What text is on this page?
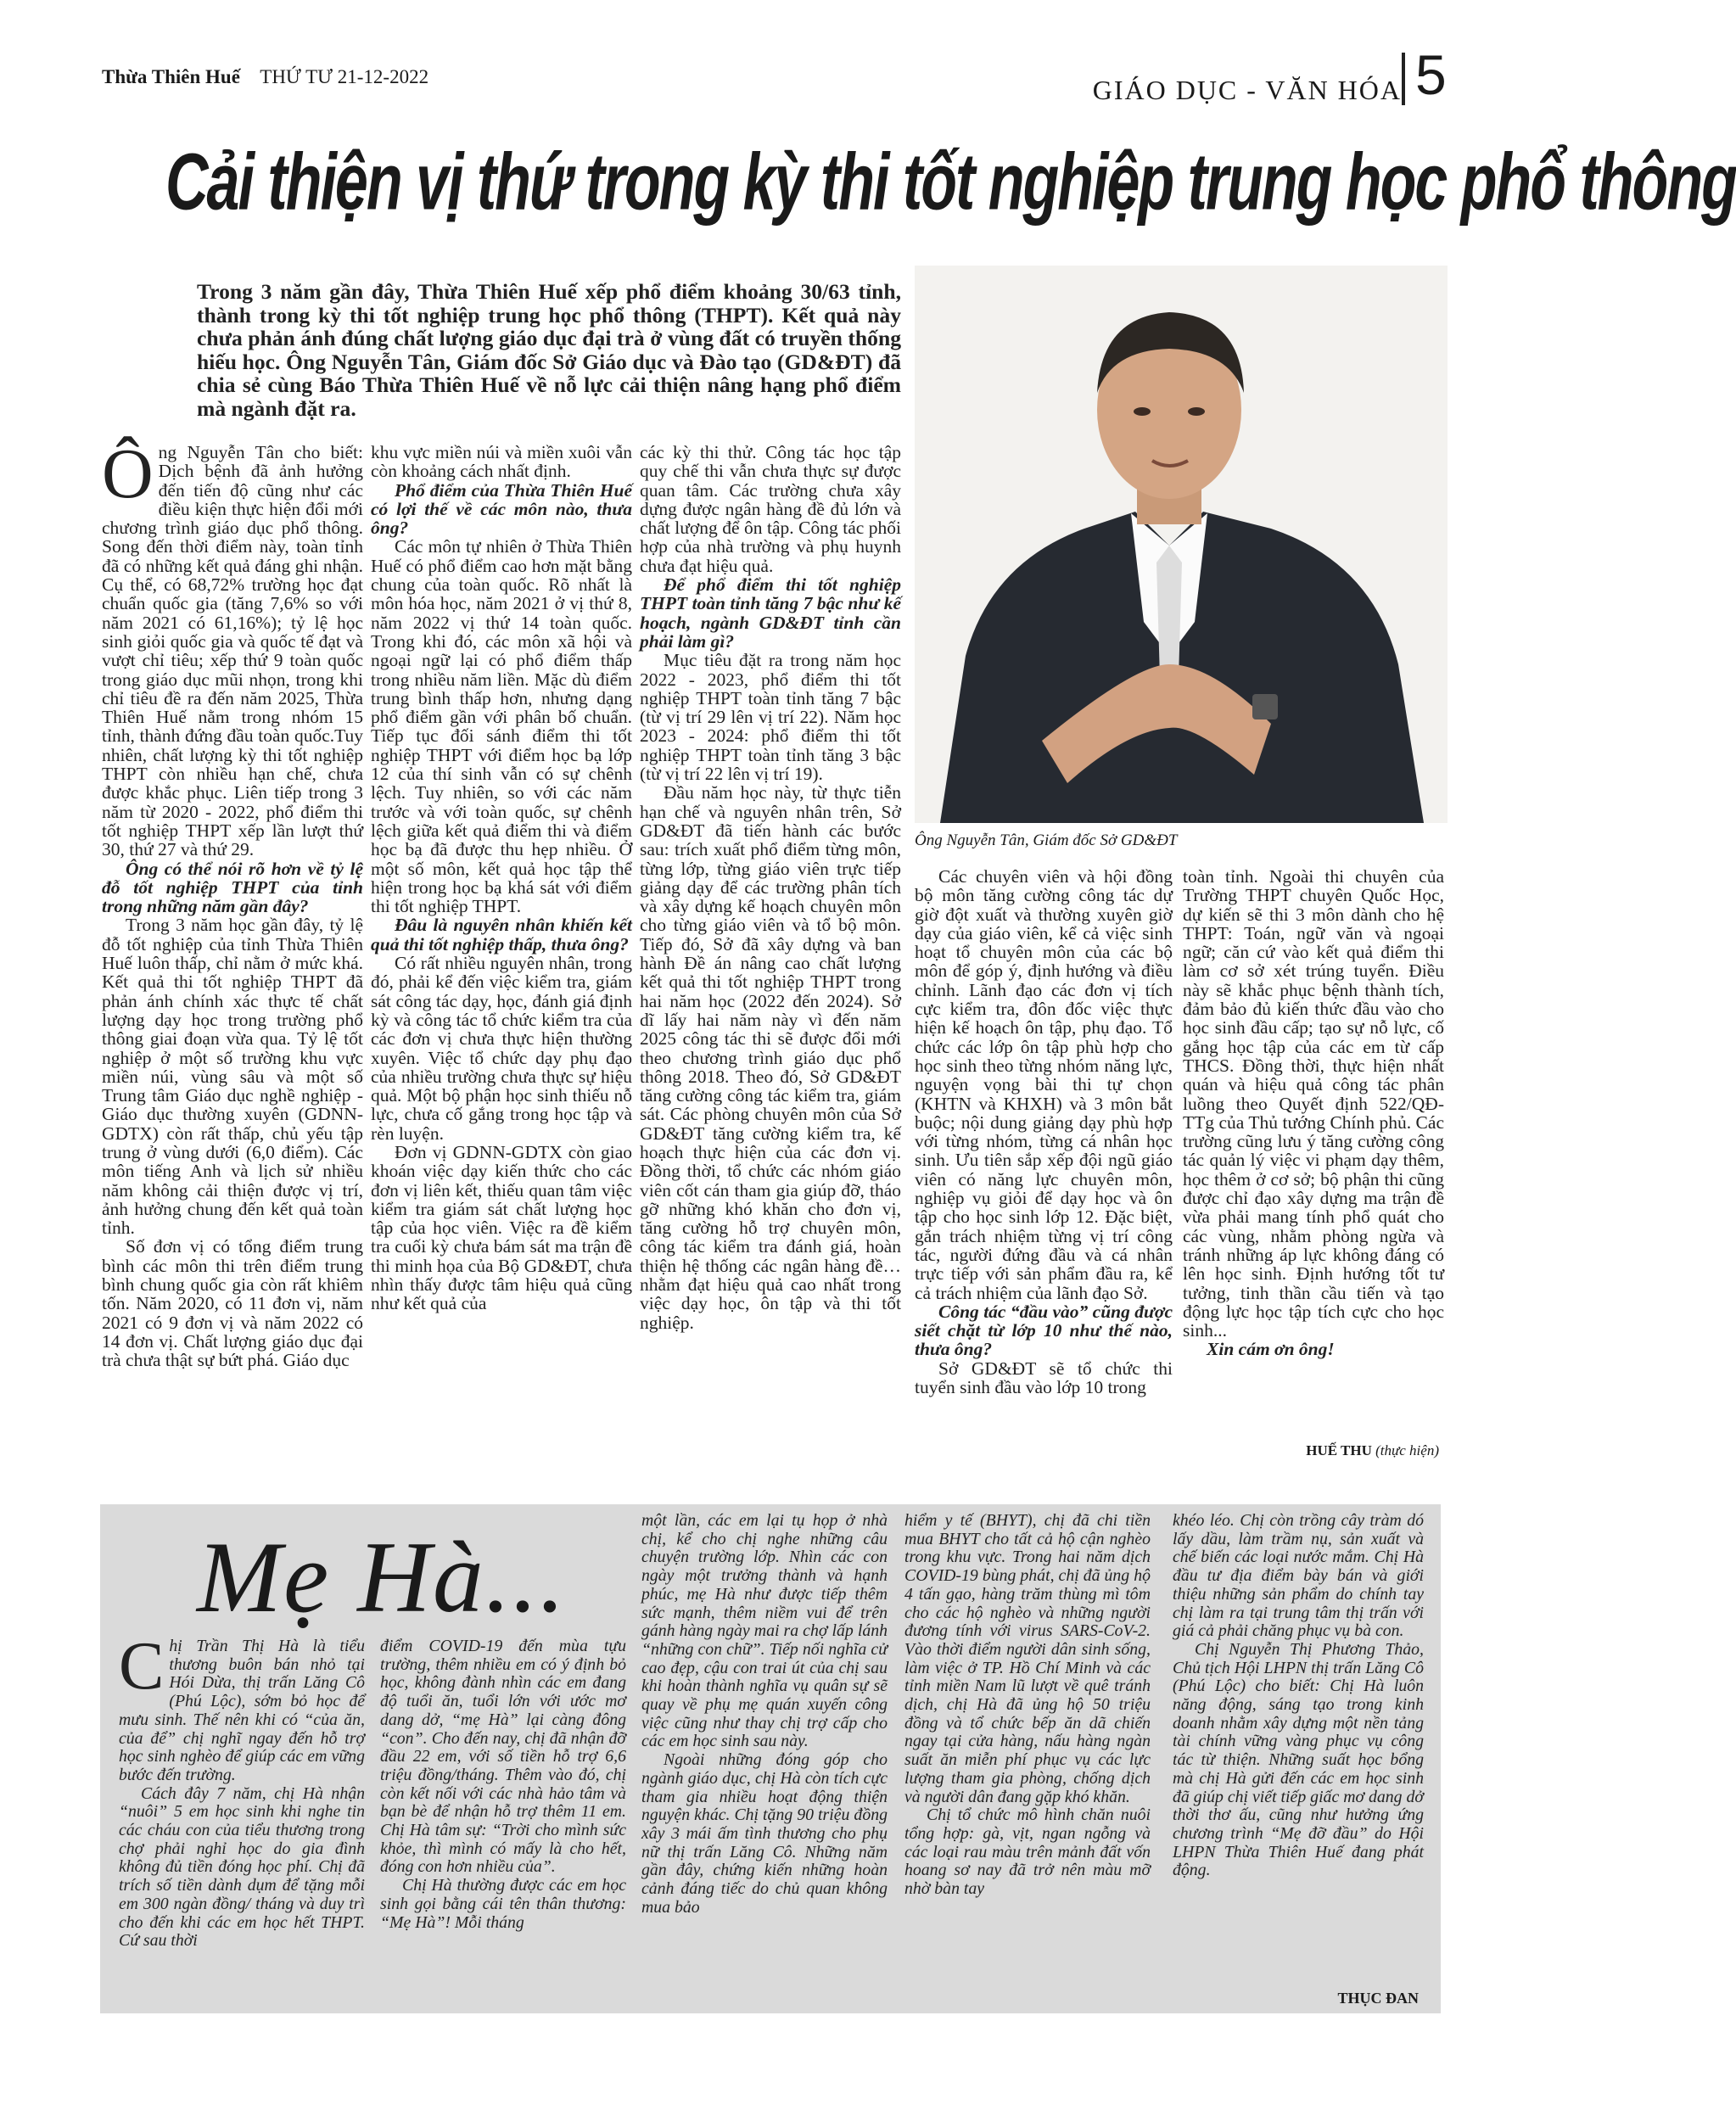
Thừa Thiên Huế THỨ TƯ 21-12-2022	GIÁO DỤC - VĂN HÓA 5
Cải thiện vị thứ trong kỳ thi tốt nghiệp trung học phổ thông
Trong 3 năm gần đây, Thừa Thiên Huế xếp phổ điểm khoảng 30/63 tỉnh, thành trong kỳ thi tốt nghiệp trung học phổ thông (THPT). Kết quả này chưa phản ánh đúng chất lượng giáo dục đại trà ở vùng đất có truyền thống hiếu học. Ông Nguyễn Tân, Giám đốc Sở Giáo dục và Đào tạo (GD&ĐT) đã chia sẻ cùng Báo Thừa Thiên Huế về nỗ lực cải thiện nâng hạng phổ điểm mà ngành đặt ra.
Ông Nguyễn Tân, Giám đốc Sở GD&ĐT
Ô ng Nguyễn Tân cho biết: Dịch bệnh đã ảnh hưởng đến tiến độ cũng như các điều kiện thực hiện đổi mới chương trình giáo dục phổ thông. Song đến thời điểm này, toàn tỉnh đã có những kết quả đáng ghi nhận. Cụ thể, có 68,72% trường học đạt chuẩn quốc gia (tăng 7,6% so với năm 2021 có 61,16%); tỷ lệ học sinh giỏi quốc gia và quốc tế đạt và vượt chỉ tiêu; xếp thứ 9 toàn quốc trong giáo dục mũi nhọn, trong khi chỉ tiêu đề ra đến năm 2025, Thừa Thiên Huế nằm trong nhóm 15 tỉnh, thành đứng đầu toàn quốc.Tuy nhiên, chất lượng kỳ thi tốt nghiệp THPT còn nhiều hạn chế, chưa được khắc phục. Liên tiếp trong 3 năm từ 2020 - 2022, phổ điểm thi tốt nghiệp THPT xếp lần lượt thứ 30, thứ 27 và thứ 29.

Ông có thể nói rõ hơn về tỷ lệ đỗ tốt nghiệp THPT của tỉnh trong những năm gần đây?

Trong 3 năm học gần đây, tỷ lệ đỗ tốt nghiệp của tỉnh Thừa Thiên Huế luôn thấp, chỉ nằm ở mức khá. Kết quả thi tốt nghiệp THPT đã phản ánh chính xác thực tế chất lượng dạy học trong trường phổ thông giai đoạn vừa qua. Tỷ lệ tốt nghiệp ở một số trường khu vực miền núi, vùng sâu và một số Trung tâm Giáo dục nghề nghiệp - Giáo dục thường xuyên (GDNN-GDTX) còn rất thấp, chủ yếu tập trung ở vùng dưới (6,0 điểm). Các môn tiếng Anh và lịch sử nhiều năm không cải thiện được vị trí, ảnh hưởng chung đến kết quả toàn tỉnh.

Số đơn vị có tổng điểm trung bình các môn thi trên điểm trung bình chung quốc gia còn rất khiêm tốn. Năm 2020, có 11 đơn vị, năm 2021 có 9 đơn vị và năm 2022 có 14 đơn vị. Chất lượng giáo dục đại trà chưa thật sự bứt phá. Giáo dục

khu vực miền núi và miền xuôi vẫn còn khoảng cách nhất định.

Phổ điểm của Thừa Thiên Huế có lợi thế về các môn nào, thưa ông?

Các môn tự nhiên ở Thừa Thiên Huế có phổ điểm cao hơn mặt bằng chung của toàn quốc. Rõ nhất là môn hóa học, năm 2021 ở vị thứ 8, năm 2022 vị thứ 14 toàn quốc. Trong khi đó, các môn xã hội và ngoại ngữ lại có phổ điểm thấp trong nhiều năm liền. Mặc dù điểm trung bình thấp hơn, nhưng dạng phổ điểm gần với phân bố chuẩn. Tiếp tục đối sánh điểm thi tốt nghiệp THPT với điểm học bạ lớp 12 của thí sinh vẫn có sự chênh lệch. Tuy nhiên, so với các năm trước và với toàn quốc, sự chênh lệch giữa kết quả điểm thi và điểm học bạ đã được thu hẹp nhiều. Ở một số môn, kết quả học tập thể hiện trong học bạ khá sát với điểm thi tốt nghiệp THPT.

Đâu là nguyên nhân khiến kết quả thi tốt nghiệp thấp, thưa ông?

Có rất nhiều nguyên nhân, trong đó, phải kể đến việc kiểm tra, giám sát công tác dạy, học, đánh giá định kỳ và công tác tổ chức kiểm tra của các đơn vị chưa thực hiện thường xuyên. Việc tổ chức dạy phụ đạo của nhiều trường chưa thực sự hiệu quả. Một bộ phận học sinh thiếu nỗ lực, chưa cố gắng trong học tập và rèn luyện.

Đơn vị GDNN-GDTX còn giao khoán việc dạy kiến thức cho các đơn vị liên kết, thiếu quan tâm việc kiểm tra giám sát chất lượng học tập của học viên. Việc ra đề kiểm tra cuối kỳ chưa bám sát ma trận đề thi minh họa của Bộ GD&ĐT, chưa nhìn thấy được tâm hiệu quả cũng như kết quả của

các kỳ thi thử. Công tác học tập quy chế thi vẫn chưa thực sự được quan tâm. Các trường chưa xây dựng được ngân hàng đề đủ lớn và chất lượng để ôn tập. Công tác phối hợp của nhà trường và phụ huynh chưa đạt hiệu quả.

Để phổ điểm thi tốt nghiệp THPT toàn tỉnh tăng 7 bậc như kế hoạch, ngành GD&ĐT tỉnh cần phải làm gì?

Mục tiêu đặt ra trong năm học 2022 - 2023, phổ điểm thi tốt nghiệp THPT toàn tỉnh tăng 7 bậc (từ vị trí 29 lên vị trí 22). Năm học 2023 - 2024: phổ điểm thi tốt nghiệp THPT toàn tỉnh tăng 3 bậc (từ vị trí 22 lên vị trí 19).

Đầu năm học này, từ thực tiễn hạn chế và nguyên nhân trên, Sở GD&ĐT đã tiến hành các bước sau: trích xuất phổ điểm từng môn, từng lớp, từng giáo viên trực tiếp giảng dạy để các trường phân tích và xây dựng kế hoạch chuyên môn cho từng giáo viên và tổ bộ môn. Tiếp đó, Sở đã xây dựng và ban hành Đề án nâng cao chất lượng kết quả thi tốt nghiệp THPT trong hai năm học (2022 đến 2024). Sở dĩ lấy hai năm này vì đến năm 2025 công tác thi sẽ được đổi mới theo chương trình giáo dục phổ thông 2018. Theo đó, Sở GD&ĐT tăng cường công tác kiểm tra, giám sát. Các phòng chuyên môn của Sở GD&ĐT tăng cường kiểm tra, kế hoạch thực hiện của các đơn vị. Đồng thời, tổ chức các nhóm giáo viên cốt cán tham gia giúp đỡ, tháo gỡ những khó khăn cho đơn vị, tăng cường hỗ trợ chuyên môn, công tác kiểm tra đánh giá, hoàn thiện hệ thống các ngân hàng đề… nhằm đạt hiệu quả cao nhất trong việc dạy học, ôn tập và thi tốt nghiệp.

Các chuyên viên và hội đồng bộ môn tăng cường công tác dự giờ đột xuất và thường xuyên giờ dạy của giáo viên, kể cả việc sinh hoạt tổ chuyên môn của các bộ môn để góp ý, định hướng và điều chỉnh. Lãnh đạo các đơn vị tích cực kiểm tra, đôn đốc việc thực hiện kế hoạch ôn tập, phụ đạo. Tổ chức các lớp ôn tập phù hợp cho học sinh theo từng nhóm năng lực, nguyện vọng bài thi tự chọn (KHTN và KHXH) và 3 môn bắt buộc; nội dung giảng dạy phù hợp với từng nhóm, từng cá nhân học sinh. Ưu tiên sắp xếp đội ngũ giáo viên có năng lực chuyên môn, nghiệp vụ giỏi để dạy học và ôn tập cho học sinh lớp 12. Đặc biệt, gắn trách nhiệm từng vị trí công tác, người đứng đầu và cá nhân trực tiếp với sản phẩm đầu ra, kể cả trách nhiệm của lãnh đạo Sở.

Công tác “đầu vào” cũng được siết chặt từ lớp 10 như thế nào, thưa ông?

Sở GD&ĐT sẽ tổ chức thi tuyển sinh đầu vào lớp 10 trong

toàn tỉnh. Ngoài thi chuyên của Trường THPT chuyên Quốc Học, dự kiến sẽ thi 3 môn dành cho hệ THPT: Toán, ngữ văn và ngoại ngữ; căn cứ vào kết quả điểm thi làm cơ sở xét trúng tuyển. Điều này sẽ khắc phục bệnh thành tích, đảm bảo đủ kiến thức đầu vào cho học sinh đầu cấp; tạo sự nỗ lực, cố gắng học tập của các em từ cấp THCS. Đồng thời, thực hiện nhất quán và hiệu quả công tác phân luồng theo Quyết định 522/QĐ-TTg của Thủ tướng Chính phủ. Các trường cũng lưu ý tăng cường công tác quản lý việc vi phạm dạy thêm, học thêm ở cơ sở; bộ phận thi cũng được chỉ đạo xây dựng ma trận đề vừa phải mang tính phổ quát cho các vùng, nhằm phòng ngừa và tránh những áp lực không đáng có lên học sinh. Định hướng tốt tư tưởng, tinh thần cầu tiến và tạo động lực học tập tích cực cho học sinh...

Xin cám ơn ông!

HUẾ THU (thực hiện)
Mẹ Hà...
C hị Trần Thị Hà là tiểu thương buôn bán nhỏ tại Hói Dừa, thị trấn Lăng Cô (Phú Lộc), sớm bỏ học để mưu sinh. Thế nên khi có “của ăn, của để” chị nghĩ ngay đến hỗ trợ học sinh nghèo để giúp các em vững bước đến trường.

Cách đây 7 năm, chị Hà nhận “nuôi” 5 em học sinh khi nghe tin các cháu con của tiểu thương trong chợ phải nghỉ học do gia đình không đủ tiền đóng học phí. Chị đã trích số tiền dành dụm để tặng mỗi em 300 ngàn đồng/ tháng và duy trì cho đến khi các em học hết THPT. Cứ sau thời

điểm COVID-19 đến mùa tựu trường, thêm nhiều em có ý định bỏ học, không đành nhìn các em đang độ tuổi ăn, tuổi lớn với ước mơ dang dở, “mẹ Hà” lại càng đông “con”. Cho đến nay, chị đã nhận đỡ đầu 22 em, với số tiền hỗ trợ 6,6 triệu đồng/tháng. Thêm vào đó, chị còn kết nối với các nhà hảo tâm và bạn bè để nhận hỗ trợ thêm 11 em. Chị Hà tâm sự: “Trời cho mình sức khỏe, thì mình có mấy là cho hết, đóng con hơn nhiều của”.

Chị Hà thường được các em học sinh gọi bằng cái tên thân thương: “Mẹ Hà”! Mỗi tháng

một lần, các em lại tụ họp ở nhà chị, kể cho chị nghe những câu chuyện trường lớp. Nhìn các con ngày một trưởng thành và hạnh phúc, mẹ Hà như được tiếp thêm sức mạnh, thêm niềm vui để trên gánh hàng ngày mai ra chợ lấp lánh “những con chữ”. Tiếp nối nghĩa cử cao đẹp, cậu con trai út của chị sau khi hoàn thành nghĩa vụ quân sự sẽ quay về phụ mẹ quán xuyến công việc cũng như thay chị trợ cấp cho các em học sinh sau này.

Ngoài những đóng góp cho ngành giáo dục, chị Hà còn tích cực tham gia nhiều hoạt động thiện nguyện khác. Chị tặng 90 triệu đồng xây 3 mái ấm tình thương cho phụ nữ thị trấn Lăng Cô. Những năm gần đây, chứng kiến những hoàn cảnh đáng tiếc do chủ quan không mua bảo

hiểm y tế (BHYT), chị đã chi tiền mua BHYT cho tất cả hộ cận nghèo trong khu vực. Trong hai năm dịch COVID-19 bùng phát, chị đã ủng hộ 4 tấn gạo, hàng trăm thùng mì tôm cho các hộ nghèo và những người đương tính với virus SARS-CoV-2. Vào thời điểm người dân sinh sống, làm việc ở TP. Hồ Chí Minh và các tỉnh miền Nam lũ lượt về quê tránh dịch, chị Hà đã ủng hộ 50 triệu đồng và tổ chức bếp ăn dã chiến ngay tại cửa hàng, nấu hàng ngàn suất ăn miễn phí phục vụ các lực lượng tham gia phòng, chống dịch và người dân đang gặp khó khăn.

Chị tổ chức mô hình chăn nuôi tổng hợp: gà, vịt, ngan ngỗng và các loại rau màu trên mảnh đất vốn hoang sơ nay đã trở nên màu mỡ nhờ bàn tay

khéo léo. Chị còn trồng cây tràm dó lấy dầu, làm trầm nụ, sản xuất và chế biến các loại nước mắm. Chị Hà đầu tư địa điểm bày bán và giới thiệu những sản phẩm do chính tay chị làm ra tại trung tâm thị trấn với giá cả phải chăng phục vụ bà con.

Chị Nguyễn Thị Phương Thảo, Chủ tịch Hội LHPN thị trấn Lăng Cô (Phú Lộc) cho biết: Chị Hà luôn năng động, sáng tạo trong kinh doanh nhằm xây dựng một nền tảng tài chính vững vàng phục vụ công tác từ thiện. Những suất học bổng mà chị Hà gửi đến các em học sinh đã giúp chị viết tiếp giấc mơ dang dở thời thơ ấu, cũng như hưởng ứng chương trình “Mẹ đỡ đầu” do Hội LHPN Thừa Thiên Huế đang phát động.

THỤC ĐAN
